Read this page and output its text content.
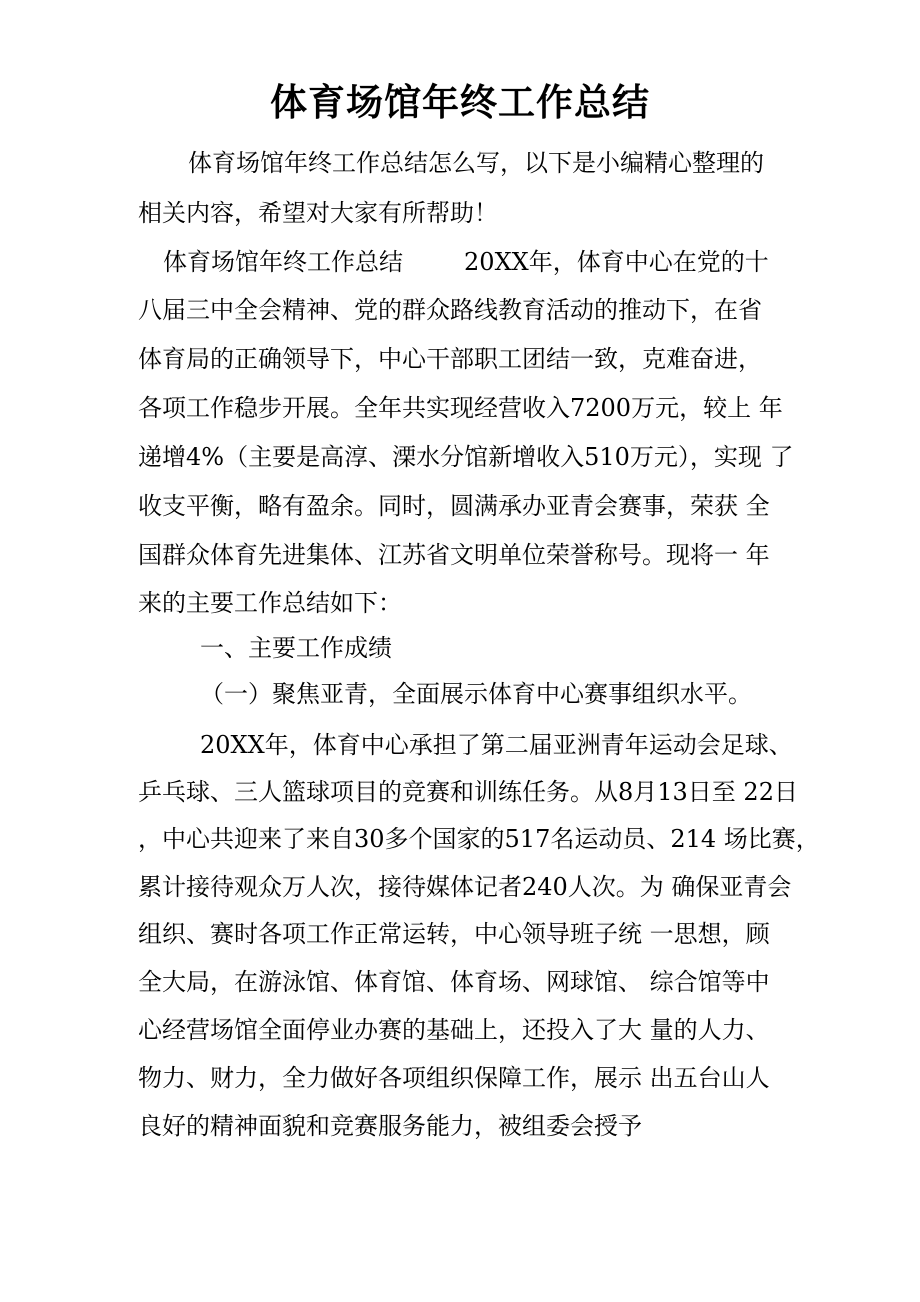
体育场馆年终工作总结
体育场馆年终工作总结怎么写，以下是小编精心整理的
相关内容，希望对大家有所帮助！
体育场馆年终工作总结        20XX年，体育中心在党的十
八届三中全会精神、党的群众路线教育活动的推动下，在省
体育局的正确领导下，中心干部职工团结一致，克难奋进，
各项工作稳步开展。全年共实现经营收入7200万元，较上 年
递增4%（主要是高淳、溧水分馆新增收入510万元），实现 了
收支平衡，略有盈余。同时，圆满承办亚青会赛事，荣获 全
国群众体育先进集体、江苏省文明单位荣誉称号。现将一 年
来的主要工作总结如下：
一、主要工作成绩
（一）聚焦亚青，全面展示体育中心赛事组织水平。
20XX年，体育中心承担了第二届亚洲青年运动会足球、
乒乓球、三人篮球项目的竞赛和训练任务。从8月13日至 22日
，中心共迎来了来自30多个国家的517名运动员、214 场比赛，
累计接待观众万人次，接待媒体记者240人次。为 确保亚青会
组织、赛时各项工作正常运转，中心领导班子统 一思想，顾
全大局，在游泳馆、体育馆、体育场、网球馆、 综合馆等中
心经营场馆全面停业办赛的基础上，还投入了大 量的人力、
物力、财力，全力做好各项组织保障工作，展示 出五台山人
良好的精神面貌和竞赛服务能力，被组委会授予
